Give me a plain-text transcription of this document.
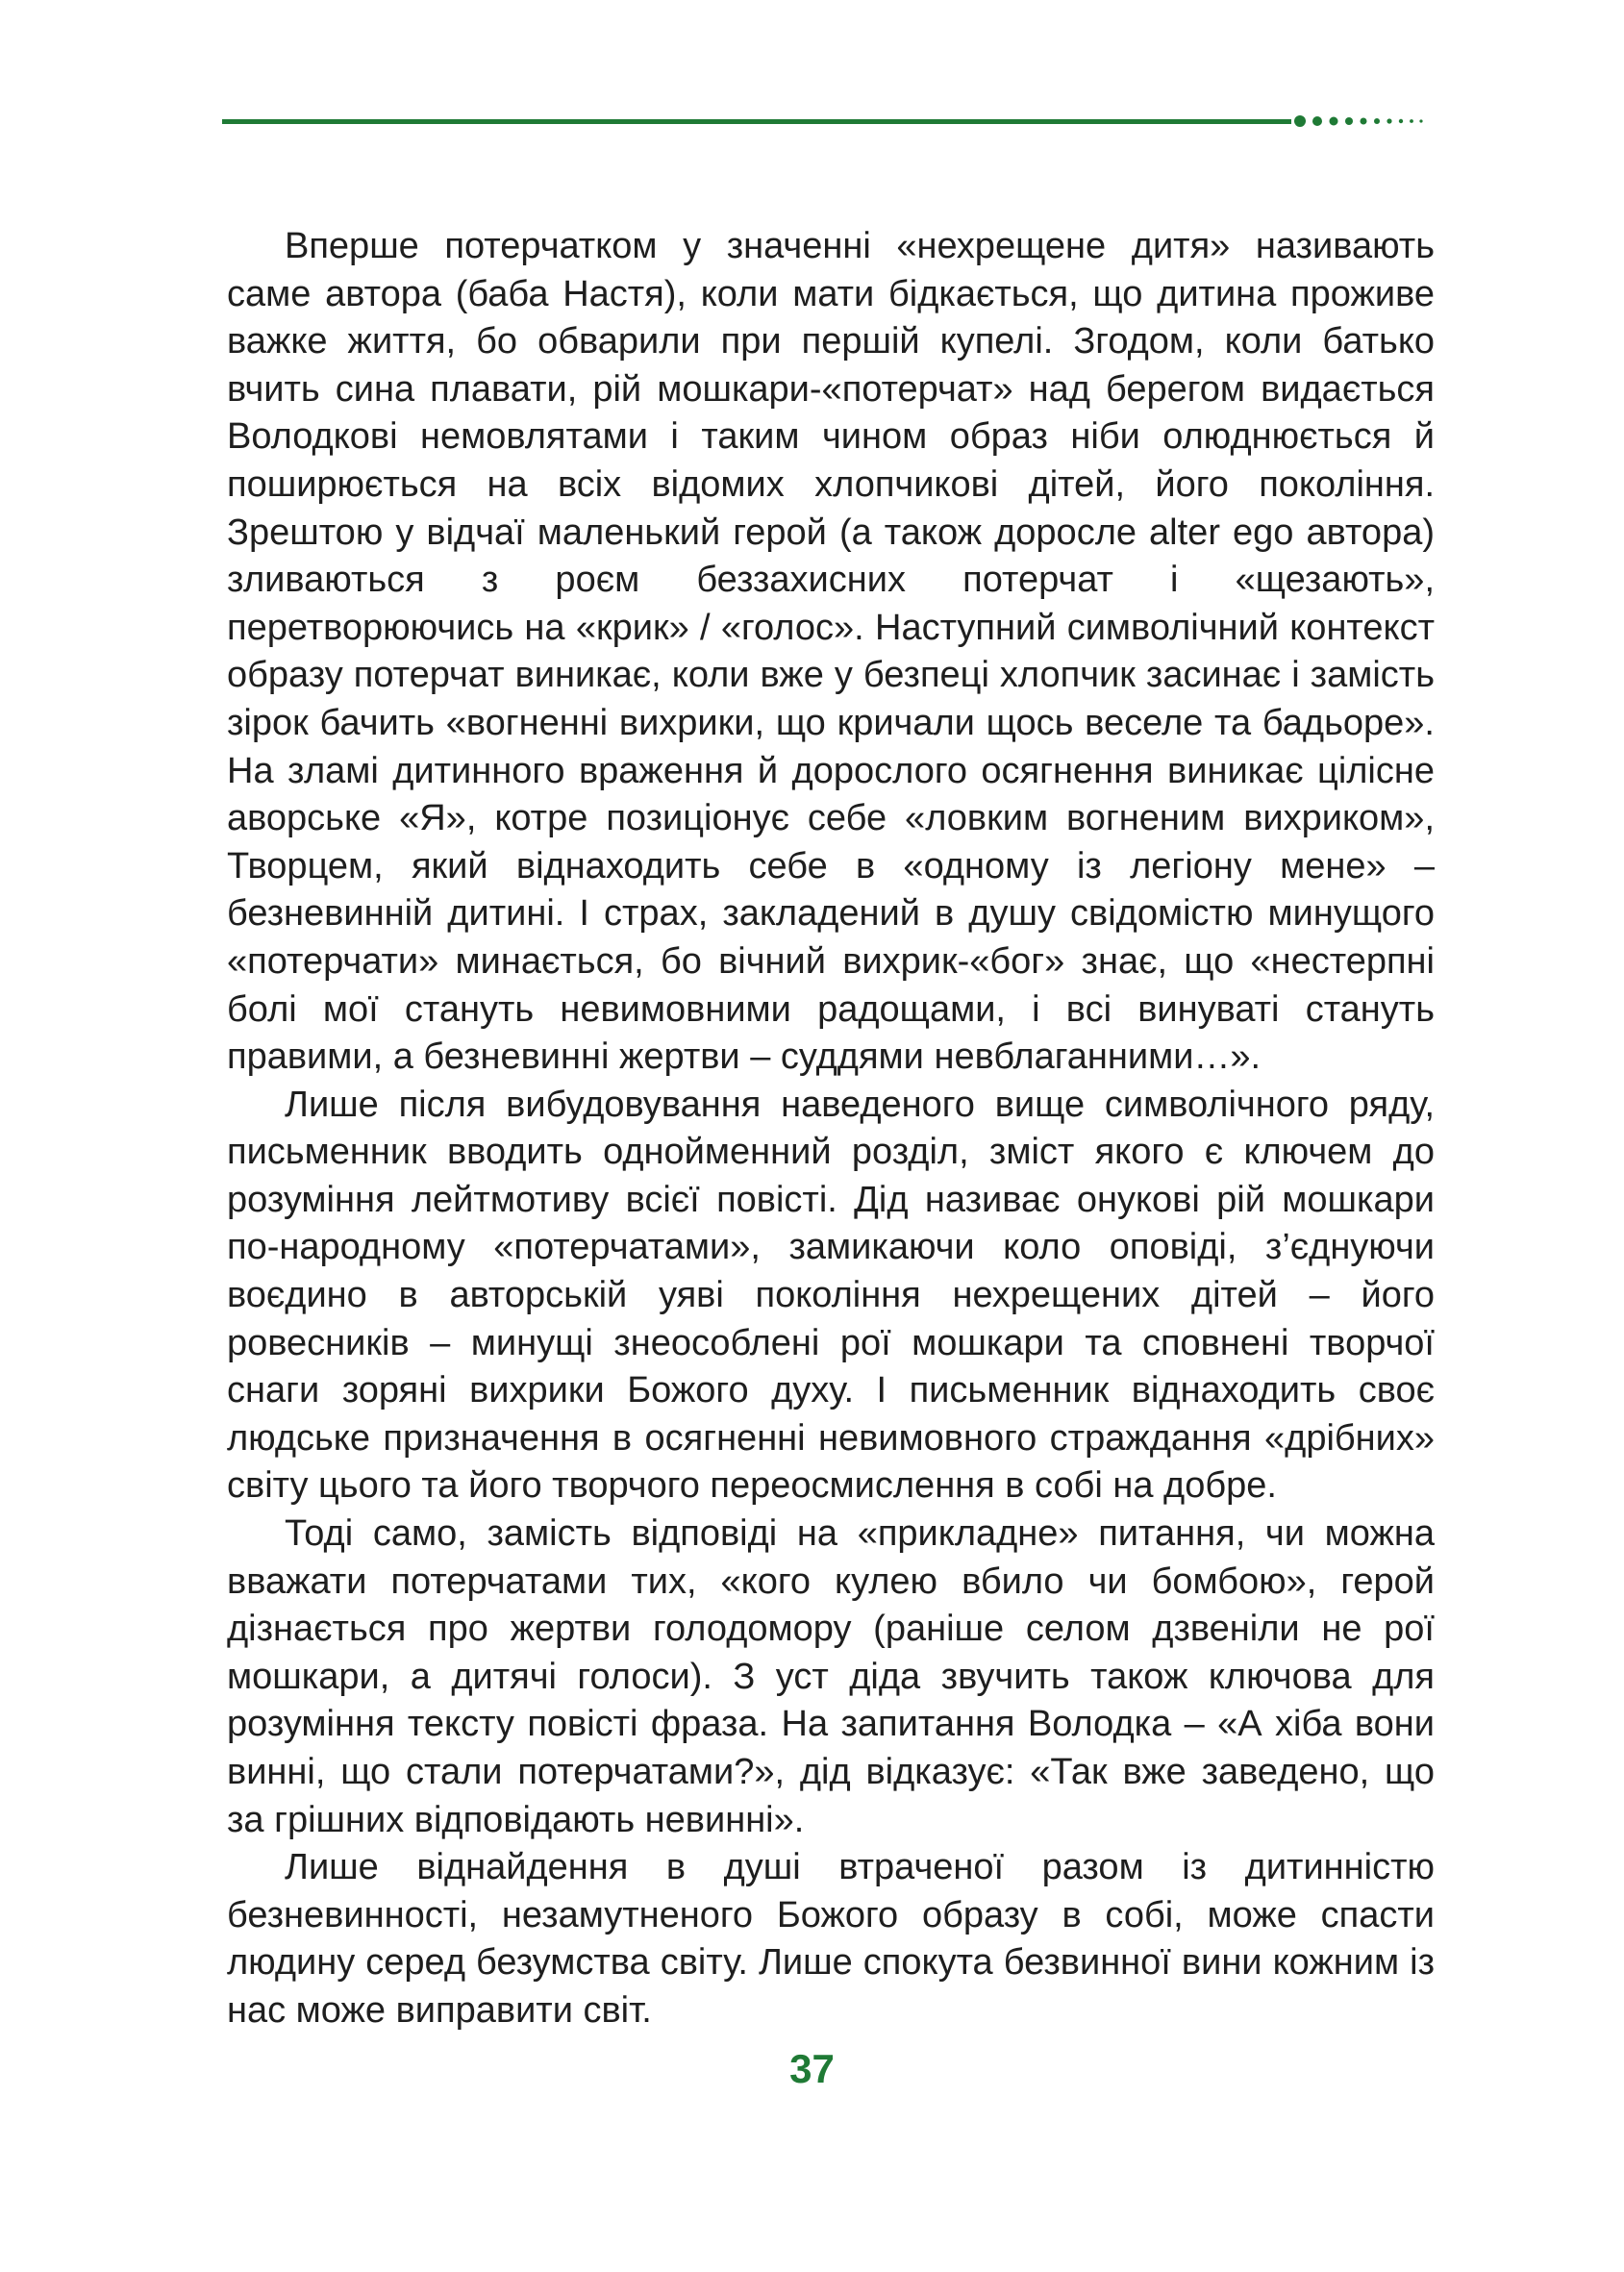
Вперше потерчатком у значенні «нехрещене дитя» називають саме автора (баба Настя), коли мати бідкається, що дитина проживе важке життя, бо обварили при першій купелі. Згодом, коли батько вчить сина плавати, рій мошкари-«потерчат» над берегом видається Володкові немовлятами і таким чином образ ніби олюднюється й поширюється на всіх відомих хлопчикові дітей, його покоління. Зрештою у відчаї маленький герой (а також доросле alter ego автора) зливаються з роєм беззахисних потерчат і «щезають», перетворюючись на «крик» / «голос». Наступний символічний контекст образу потерчат виникає, коли вже у безпеці хлопчик засинає і замість зірок бачить «вогненні вихрики, що кричали щось веселе та бадьоре». На зламі дитинного враження й дорослого осягнення виникає цілісне аворське «Я», котре позиціонує себе «ловким вогненим вихриком», Творцем, який віднаходить себе в «одному із легіону мене» – безневинній дитині. І страх, закладений в душу свідомістю минущого «потерчати» минається, бо вічний вихрик-«бог» знає, що «нестерпні болі мої стануть невимовними радощами, і всі винуваті стануть правими, а безневинні жертви – суддями невблаганними…».

Лише після вибудовування наведеного вище символічного ряду, письменник вводить однойменний розділ, зміст якого є ключем до розуміння лейтмотиву всієї повісті. Дід називає онукові рій мошкари по-народному «потерчатами», замикаючи коло оповіді, з’єднуючи воєдино в авторській уяві покоління нехрещених дітей – його ровесників – минущі знеособлені рої мошкари та сповнені творчої снаги зоряні вихрики Божого духу. І письменник віднаходить своє людське призначення в осягненні невимовного страждання «дрібних» світу цього та його творчого переосмислення в собі на добре.

Тоді само, замість відповіді на «прикладне» питання, чи можна вважати потерчатами тих, «кого кулею вбило чи бомбою», герой дізнається про жертви голодомору (раніше селом дзвеніли не рої мошкари, а дитячі голоси). З уст діда звучить також ключова для розуміння тексту повісті фраза. На запитання Володка – «А хіба вони винні, що стали потерчатами?», дід відказує: «Так вже заведено, що за грішних відповідають невинні».

Лише віднайдення в душі втраченої разом із дитинністю безневинності, незамутненого Божого образу в собі, може спасти людину серед безумства світу. Лише спокута безвинної вини кожним із нас може виправити світ.

37
